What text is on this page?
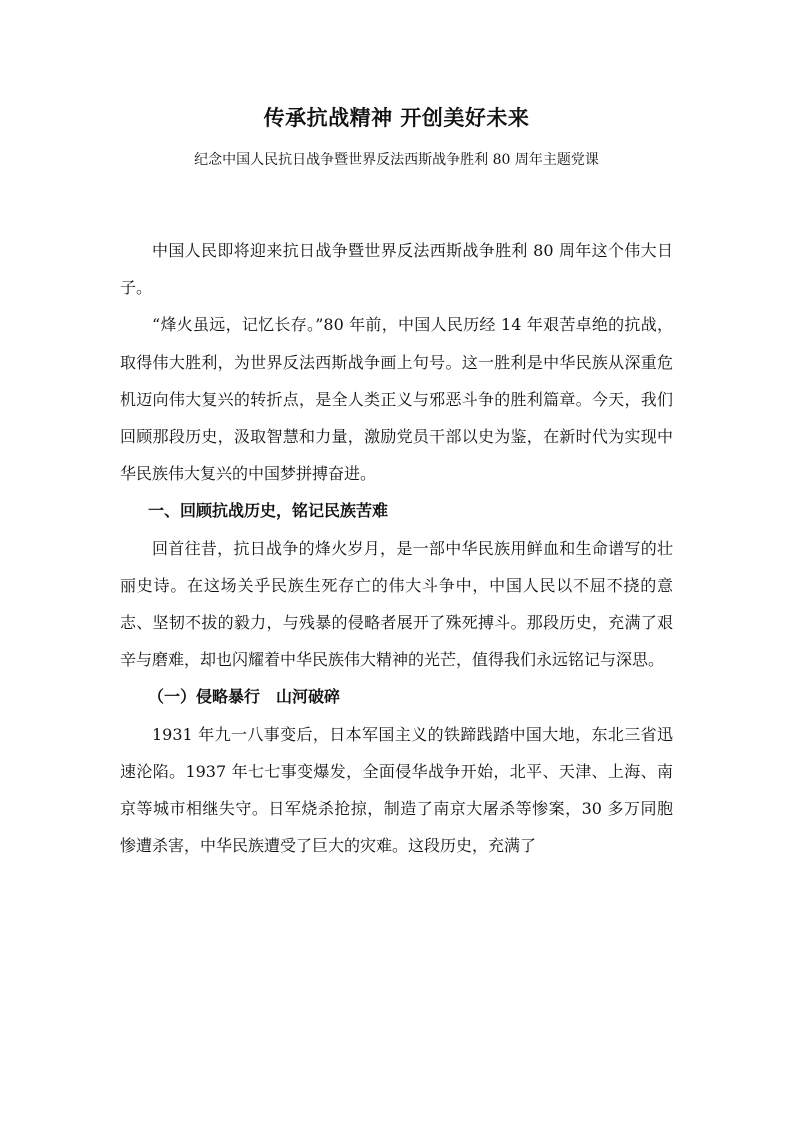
传承抗战精神 开创美好未来

纪念中国人民抗日战争暨世界反法西斯战争胜利 80 周年主题党课

中国人民即将迎来抗日战争暨世界反法西斯战争胜利 80 周年这个伟大日子。

“烽火虽远，记忆长存。”80 年前，中国人民历经 14 年艰苦卓绝的抗战，取得伟大胜利，为世界反法西斯战争画上句号。这一胜利是中华民族从深重危机迈向伟大复兴的转折点，是全人类正义与邪恶斗争的胜利篇章。今天，我们回顾那段历史，汲取智慧和力量，激励党员干部以史为鉴，在新时代为实现中华民族伟大复兴的中国梦拼搏奋进。

一、回顾抗战历史，铭记民族苦难

回首往昔，抗日战争的烽火岁月，是一部中华民族用鲜血和生命谱写的壮丽史诗。在这场关乎民族生死存亡的伟大斗争中，中国人民以不屈不挠的意志、坚韧不拔的毅力，与残暴的侵略者展开了殊死搏斗。那段历史，充满了艰辛与磨难，却也闪耀着中华民族伟大精神的光芒，值得我们永远铭记与深思。

（一）侵略暴行　山河破碎

1931 年九一八事变后，日本军国主义的铁蹄践踏中国大地，东北三省迅速沦陷。1937 年七七事变爆发，全面侵华战争开始，北平、天津、上海、南京等城市相继失守。日军烧杀抢掠，制造了南京大屠杀等惨案，30 多万同胞惨遭杀害，中华民族遭受了巨大的灾难。这段历史，充满了
